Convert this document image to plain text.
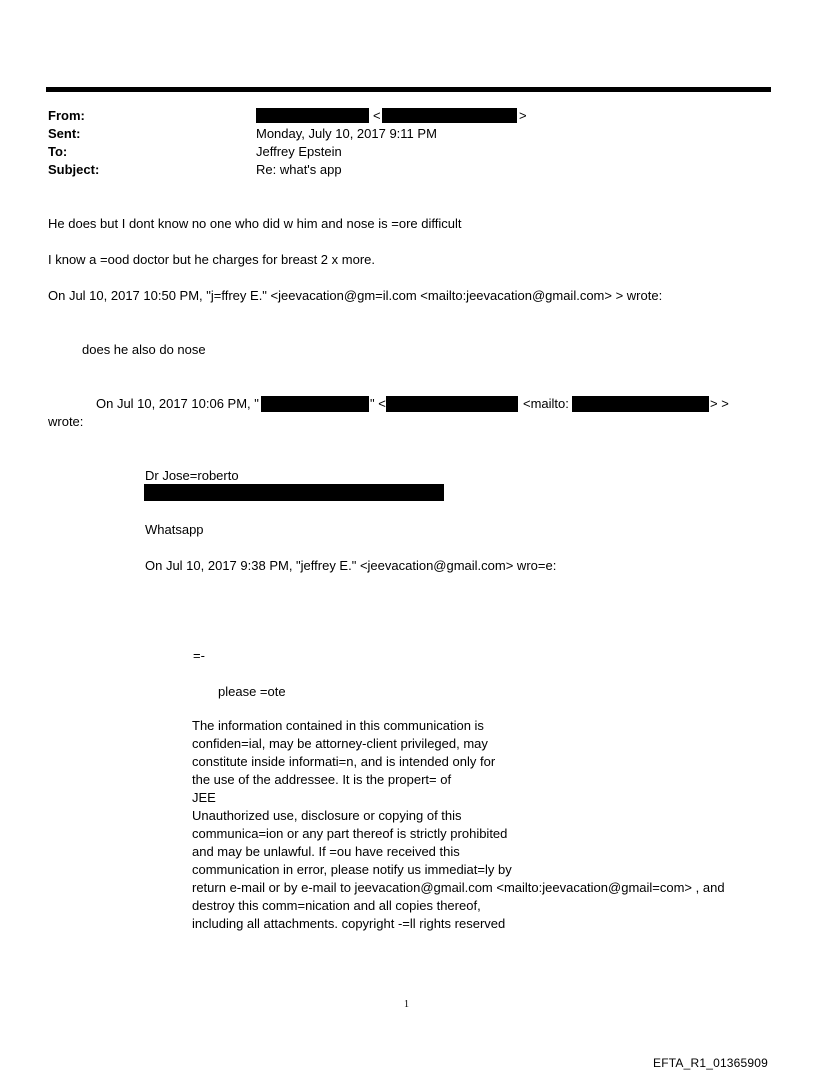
From:	<	>
Sent:	Monday, July 10, 2017 9:11 PM
To:	Jeffrey Epstein
Subject:	Re: what's app
He does but I dont know no one who did w him and nose is =ore difficult
I know a =ood doctor but he charges for breast 2 x more.
On Jul 10, 2017 10:50 PM, "j=ffrey E." <jeevacation@gm=il.com <mailto:jeevacation@gmail.com> > wrote:
does he also do nose
On Jul 10, 2017 10:06 PM, "	" <	<mailto:	> >
wrote:
Dr Jose=roberto
Whatsapp
On Jul 10, 2017 9:38 PM, "jeffrey E." <jeevacation@gmail.com> wro=e:
=-
please =ote
The information contained in this communication is
confiden=ial, may be attorney-client privileged, may
constitute inside informati=n, and is intended only for
the use of the addressee. It is the propert= of
JEE
Unauthorized use, disclosure or copying of this
communica=ion or any part thereof is strictly prohibited
and may be unlawful. If =ou have received this
communication in error, please notify us immediat=ly by
return e-mail or by e-mail to jeevacation@gmail.com <mailto:jeevacation@gmail=com> , and
destroy this comm=nication and all copies thereof,
including all attachments. copyright -=ll rights reserved
1
EFTA_R1_01365909
